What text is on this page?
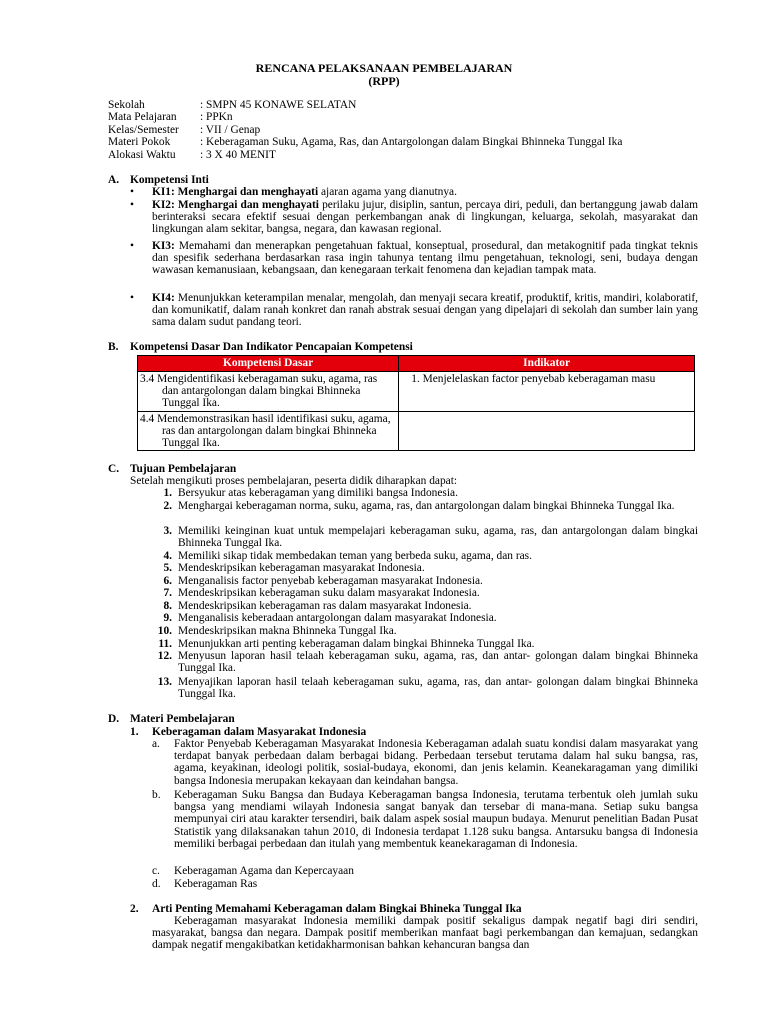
RENCANA PELAKSANAAN PEMBELAJARAN
(RPP)
Sekolah	: SMPN 45 KONAWE SELATAN
Mata Pelajaran	: PPKn
Kelas/Semester	: VII / Genap
Materi Pokok	: Keberagaman Suku, Agama, Ras, dan Antargolongan dalam Bingkai Bhinneka Tunggal Ika
Alokasi Waktu	: 3 X 40 MENIT
A. Kompetensi Inti
• KI1: Menghargai dan menghayati ajaran agama yang dianutnya.
• KI2: Menghargai dan menghayati perilaku jujur, disiplin, santun, percaya diri, peduli, dan bertanggung jawab dalam berinteraksi secara efektif sesuai dengan perkembangan anak di lingkungan, keluarga, sekolah, masyarakat dan lingkungan alam sekitar, bangsa, negara, dan kawasan regional.
• KI3: Memahami dan menerapkan pengetahuan faktual, konseptual, prosedural, dan metakognitif pada tingkat teknis dan spesifik sederhana berdasarkan rasa ingin tahunya tentang ilmu pengetahuan, teknologi, seni, budaya dengan wawasan kemanusiaan, kebangsaan, dan kenegaraan terkait fenomena dan kejadian tampak mata.
• KI4: Menunjukkan keterampilan menalar, mengolah, dan menyaji secara kreatif, produktif, kritis, mandiri, kolaboratif, dan komunikatif, dalam ranah konkret dan ranah abstrak sesuai dengan yang dipelajari di sekolah dan sumber lain yang sama dalam sudut pandang teori.
B. Kompetensi Dasar Dan Indikator Pencapaian Kompetensi
Kompetensi Dasar	Indikator

3.4 Mengidentifikasi keberagaman suku, agama, ras dan antargolongan dalam bingkai Bhinneka Tunggal Ika.	1. Menjelelaskan factor penyebab keberagaman masu

4.4 Mendemonstrasikan hasil identifikasi suku, agama, ras dan antargolongan dalam bingkai Bhinneka Tunggal Ika.	

C. Tujuan Pembelajaran
Setelah mengikuti proses pembelajaran, peserta didik diharapkan dapat:
1. Bersyukur atas keberagaman yang dimiliki bangsa Indonesia.
2. Menghargai keberagaman norma, suku, agama, ras, dan antargolongan dalam bingkai Bhinneka Tunggal Ika.
3. Memiliki keinginan kuat untuk mempelajari keberagaman suku, agama, ras, dan antargolongan dalam bingkai Bhinneka Tunggal Ika.
4. Memiliki sikap tidak membedakan teman yang berbeda suku, agama, dan ras.
5. Mendeskripsikan keberagaman masyarakat Indonesia.
6. Menganalisis factor penyebab keberagaman masyarakat Indonesia.
7. Mendeskripsikan keberagaman suku dalam masyarakat Indonesia.
8. Mendeskripsikan keberagaman ras dalam masyarakat Indonesia.
9. Menganalisis keberadaan antargolongan dalam masyarakat Indonesia.
10. Mendeskripsikan makna Bhinneka Tunggal Ika.
11. Menunjukkan arti penting keberagaman dalam bingkai Bhinneka Tunggal Ika.
12. Menyusun laporan hasil telaah keberagaman suku, agama, ras, dan antar- golongan dalam bingkai Bhinneka Tunggal Ika.
13. Menyajikan laporan hasil telaah keberagaman suku, agama, ras, dan antar- golongan dalam bingkai Bhinneka Tunggal Ika.
D. Materi Pembelajaran
1. Keberagaman dalam Masyarakat Indonesia
a. Faktor Penyebab Keberagaman Masyarakat Indonesia Keberagaman adalah suatu kondisi dalam masyarakat yang terdapat banyak perbedaan dalam berbagai bidang. Perbedaan tersebut terutama dalam hal suku bangsa, ras, agama, keyakinan, ideologi politik, sosial-budaya, ekonomi, dan jenis kelamin. Keanekaragaman yang dimiliki bangsa Indonesia merupakan kekayaan dan keindahan bangsa.
b. Keberagaman Suku Bangsa dan Budaya Keberagaman bangsa Indonesia, terutama terbentuk oleh jumlah suku bangsa yang mendiami wilayah Indonesia sangat banyak dan tersebar di mana-mana. Setiap suku bangsa mempunyai ciri atau karakter tersendiri, baik dalam aspek sosial maupun budaya. Menurut penelitian Badan Pusat Statistik yang dilaksanakan tahun 2010, di Indonesia terdapat 1.128 suku bangsa. Antarsuku bangsa di Indonesia memiliki berbagai perbedaan dan itulah yang membentuk keanekaragaman di Indonesia.
c. Keberagaman Agama dan Kepercayaan
d. Keberagaman Ras
2. Arti Penting Memahami Keberagaman dalam Bingkai Bhineka Tunggal Ika
Keberagaman masyarakat Indonesia memiliki dampak positif sekaligus dampak negatif bagi diri sendiri, masyarakat, bangsa dan negara. Dampak positif memberikan manfaat bagi perkembangan dan kemajuan, sedangkan dampak negatif mengakibatkan ketidakharmonisan bahkan kehancuran bangsa dan
